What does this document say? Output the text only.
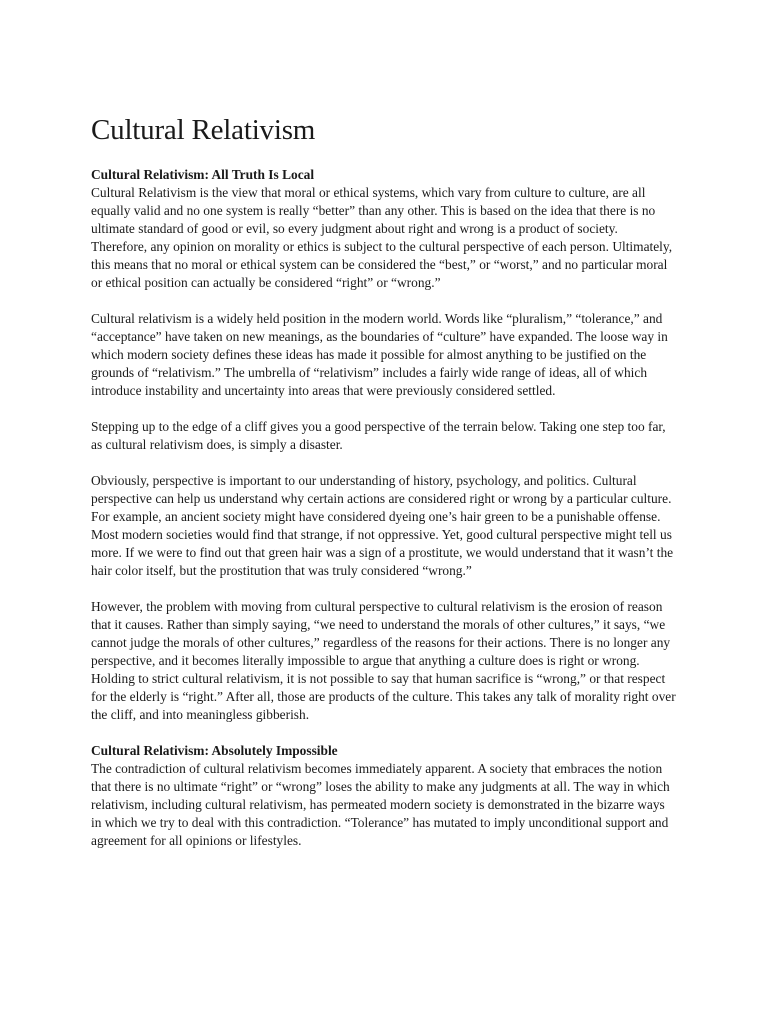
Cultural Relativism

Cultural Relativism: All Truth Is Local

Cultural Relativism is the view that moral or ethical systems, which vary from culture to culture, are all equally valid and no one system is really “better” than any other. This is based on the idea that there is no ultimate standard of good or evil, so every judgment about right and wrong is a product of society. Therefore, any opinion on morality or ethics is subject to the cultural perspective of each person. Ultimately, this means that no moral or ethical system can be considered the “best,” or “worst,” and no particular moral or ethical position can actually be considered “right” or “wrong.”

Cultural relativism is a widely held position in the modern world. Words like “pluralism,” “tolerance,” and “acceptance” have taken on new meanings, as the boundaries of “culture” have expanded. The loose way in which modern society defines these ideas has made it possible for almost anything to be justified on the grounds of “relativism.” The umbrella of “relativism” includes a fairly wide range of ideas, all of which introduce instability and uncertainty into areas that were previously considered settled.

Stepping up to the edge of a cliff gives you a good perspective of the terrain below. Taking one step too far, as cultural relativism does, is simply a disaster.

Obviously, perspective is important to our understanding of history, psychology, and politics. Cultural perspective can help us understand why certain actions are considered right or wrong by a particular culture. For example, an ancient society might have considered dyeing one’s hair green to be a punishable offense. Most modern societies would find that strange, if not oppressive. Yet, good cultural perspective might tell us more. If we were to find out that green hair was a sign of a prostitute, we would understand that it wasn’t the hair color itself, but the prostitution that was truly considered “wrong.”

However, the problem with moving from cultural perspective to cultural relativism is the erosion of reason that it causes. Rather than simply saying, “we need to understand the morals of other cultures,” it says, “we cannot judge the morals of other cultures,” regardless of the reasons for their actions. There is no longer any perspective, and it becomes literally impossible to argue that anything a culture does is right or wrong. Holding to strict cultural relativism, it is not possible to say that human sacrifice is “wrong,” or that respect for the elderly is “right.” After all, those are products of the culture. This takes any talk of morality right over the cliff, and into meaningless gibberish.

Cultural Relativism: Absolutely Impossible

The contradiction of cultural relativism becomes immediately apparent. A society that embraces the notion that there is no ultimate “right” or “wrong” loses the ability to make any judgments at all. The way in which relativism, including cultural relativism, has permeated modern society is demonstrated in the bizarre ways in which we try to deal with this contradiction. “Tolerance” has mutated to imply unconditional support and agreement for all opinions or lifestyles.
